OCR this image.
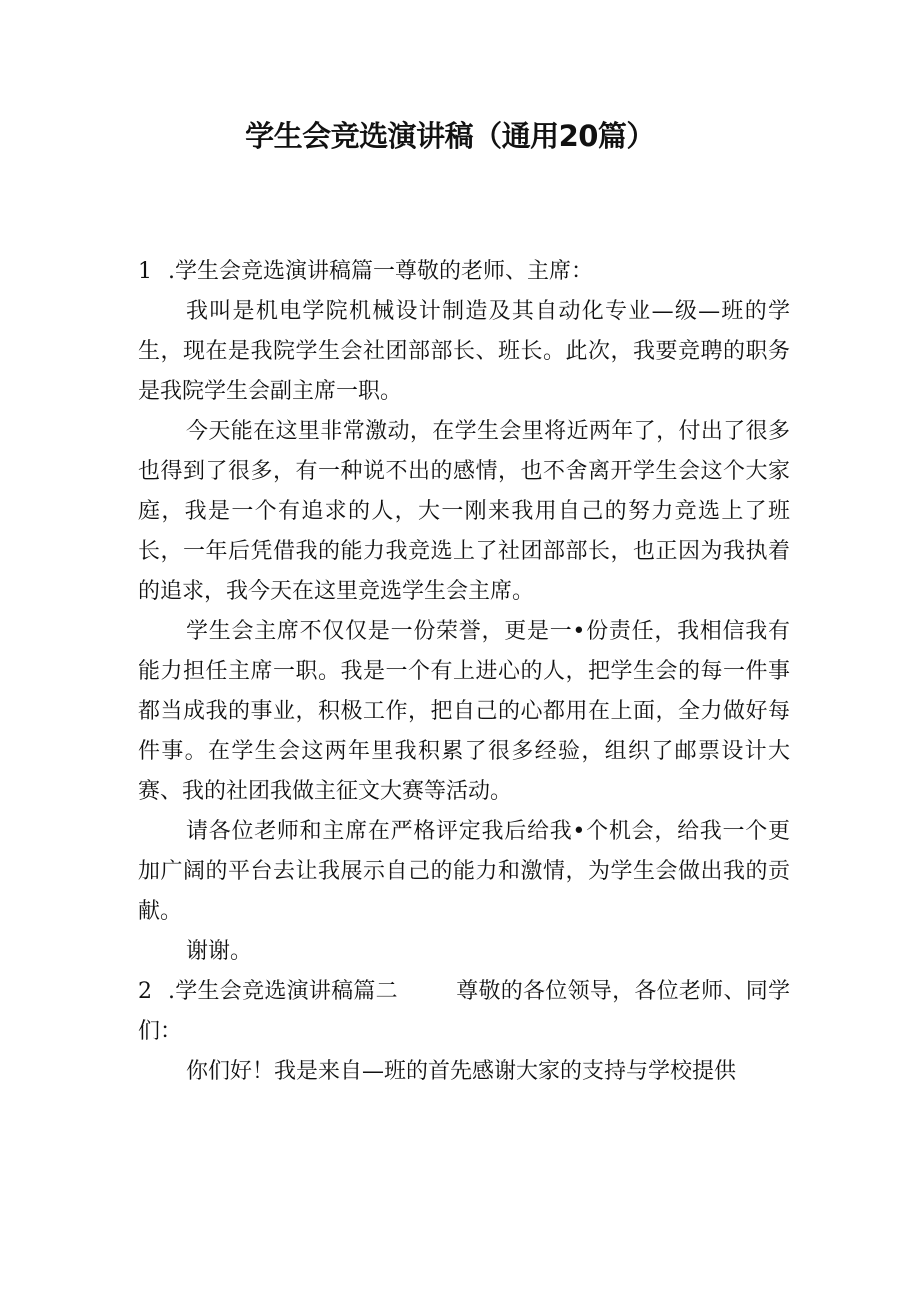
学生会竞选演讲稿（通用20篇）

1 .学生会竞选演讲稿篇一尊敬的老师、主席：

我叫是机电学院机械设计制造及其自动化专业—级—班的学生，现在是我院学生会社团部部长、班长。此次，我要竞聘的职务是我院学生会副主席一职。

今天能在这里非常激动，在学生会里将近两年了，付出了很多也得到了很多，有一种说不出的感情，也不舍离开学生会这个大家庭，我是一个有追求的人，大一刚来我用自己的努力竞选上了班长，一年后凭借我的能力我竞选上了社团部部长，也正因为我执着的追求，我今天在这里竞选学生会主席。

学生会主席不仅仅是一份荣誉，更是一•份责任，我相信我有能力担任主席一职。我是一个有上进心的人，把学生会的每一件事都当成我的事业，积极工作，把自己的心都用在上面，全力做好每件事。在学生会这两年里我积累了很多经验，组织了邮票设计大赛、我的社团我做主征文大赛等活动。

请各位老师和主席在严格评定我后给我•个机会，给我一个更加广阔的平台去让我展示自己的能力和激情，为学生会做出我的贡献。

谢谢。

2 .学生会竞选演讲稿篇二	尊敬的各位领导，各位老师、同学们：

你们好！我是来自—班的首先感谢大家的支持与学校提供
